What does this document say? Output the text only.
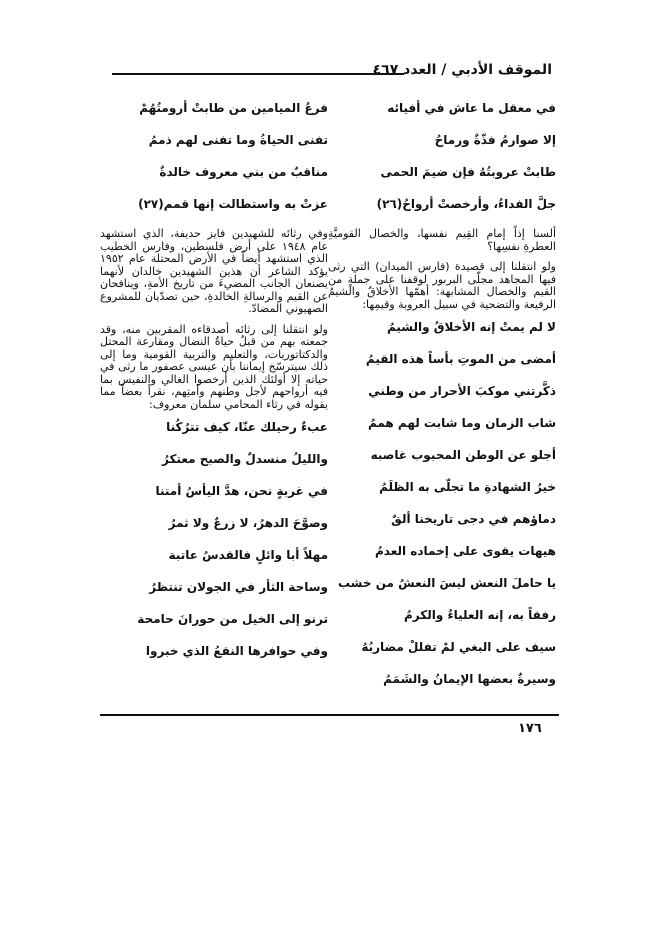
الموقف الأدبي / العدد ٤٦٧
في معقل ما عاش في أفيائه
إلا صوارمُ فذّةٌ ورماحُ
طابتْ عروبتُهُ فإن ضيمَ الحمى
جلَّ الفداءُ، وأرخصتْ أرواحُ(٢٦)

ألسنا إذاً إمام القِيم نفسها، والخصال القوميَّةِ العطرةِ نفسِها؟

ولو انتقلنا إلى قصيدة (فارس الميدان) التي رثى فيها المجاهد مجلّى البربور لوقفنا على جملةٍ من القيم والخصال المشابهة: أهمّها الأخلاقُ والشيمُ الرفيعة والتضحية في سبيل العروبة وقيمِها:

لا لم يمتْ إنه الأخلاقُ والشيمُ
أمضى من الموتِ بأساً هذه القيمُ
ذكَّرتني موكبَ الأحرار من وطني
شاب الزمان وما شابت لهم هممُ
أجلو عن الوطن المحبوب غاصبه
خيرُ الشهادةِ ما تجلّى به الظلَمُ
دماؤهم في دجى تاريخنا ألقٌ
هيهات يقوى على إخماده العدمُ
يا حاملَ النعش ليسَ النعشُ من خشب
رفقاً به، إنه العلياءُ والكرمُ
سيف على البغي لمْ تفللْ مضاربُهُ
وسيرةٌ بعضها الإيمانُ والشَمَمُ
فرعُ الميامين من طابتْ أرومتُهُمْ
تفنى الحياةُ وما تفنى لهم ذممُ
مناقبٌ من بني معروف خالدةٌ
عزتْ به واستطالت إنها قمم(٢٧)

وفي رثائه للشهيدين فايز حديفة، الذي استشهد عام ١٩٤٨ على أرض فلسطين، وفارس الخطيب الذي استشهد أيضاً في الأرض المحتلة عام ١٩٥٢ يؤكد الشاعر أن هذين الشهيدين خالدان لأنهما يصنعان الجانب المضيءَ من تاريخ الأمةِ، وينافحان عن القيم والرسالةِ الخالدةِ، حين تصدّيان للمشروع الصهيوني المضادّ.

ولو انتقلنا إلى رثائه أصدقاءه المقربين منه، وقد جمعته بهم من قبلُ حياةُ النضال ومقارعة المحتل والدكتاتوريات، والتعليم والتربية القومية وما إلى ذلك سيترسّخ إيماننا بأن عيسى عصفور ما رثى في حياته إلا أولئك الذين أرخصوا الغالي والنفيس بما فيه أرواحهم لأجل وطنهم وأمتِهم، نقرأ بعضاً مما يقوله في رثاء المحامي سلمان معروف:

عبءٌ رحيلك عنّا، كيف تترُكُنا
والليلُ منسدلٌ والصبح معتكرُ
في غربةٍ نحن، هدَّ اليأسُ أمتنا
وصوَّحَ الدهرُ، لا زرعٌ ولا ثمرُ
مهلاً أبا وائلٍ فالقدسُ عاتبة
وساحة الثأر في الجولان تنتظرُ
ترنو إلى الخيل من حورانَ حامحة
وفي حوافرها النقعُ الذي خبروا
١٧٦
